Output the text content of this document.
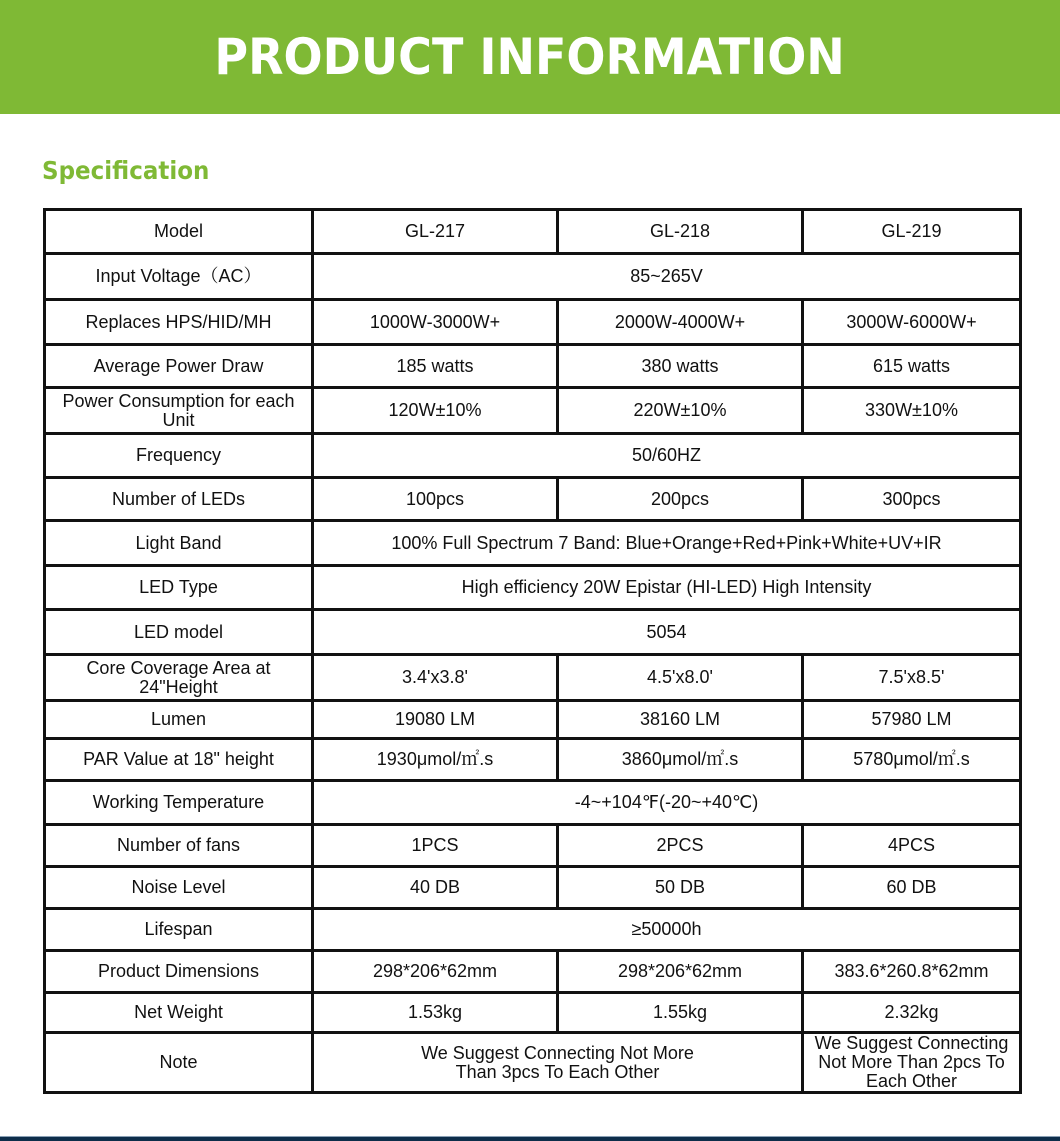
PRODUCT INFORMATION
Specification
Model	GL-217	GL-218	GL-219
Input Voltage（AC）	85~265V		
Replaces HPS/HID/MH	1000W-3000W+	2000W-4000W+	3000W-6000W+
Average Power Draw	185 watts	380 watts	615 watts
Power Consumption for each Unit	120W±10%	220W±10%	330W±10%
Frequency	50/60HZ		
Number of LEDs	100pcs	200pcs	300pcs
Light Band	100% Full Spectrum 7 Band: Blue+Orange+Red+Pink+White+UV+IR		
LED Type	High efficiency 20W Epistar (HI-LED) High Intensity		
LED model	5054		
Core Coverage Area at 24"Height	3.4'x3.8'	4.5'x8.0'	7.5'x8.5'
Lumen	19080 LM	38160 LM	57980 LM
PAR Value at 18" height	1930μmol/㎡.s	3860μmol/㎡.s	5780μmol/㎡.s
Working Temperature	-4~+104℉(-20~+40℃)		
Number of fans	1PCS	2PCS	4PCS
Noise Level	40 DB	50 DB	60 DB
Lifespan	≥50000h		
Product Dimensions	298*206*62mm	298*206*62mm	383.6*260.8*62mm
Net Weight	1.53kg	1.55kg	2.32kg
Note	We Suggest Connecting Not More Than 3pcs To Each Other		We Suggest Connecting Not More Than 2pcs To Each Other
